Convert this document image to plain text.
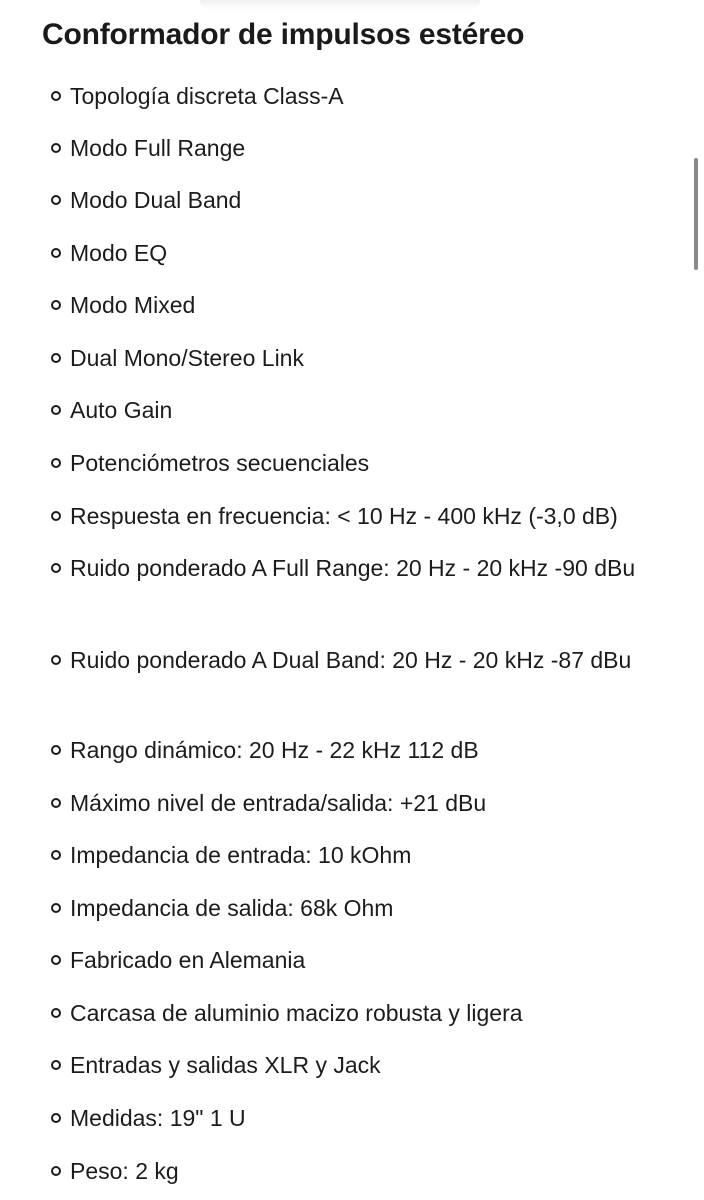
Conformador de impulsos estéreo
Topología discreta Class-A
Modo Full Range
Modo Dual Band
Modo EQ
Modo Mixed
Dual Mono/Stereo Link
Auto Gain
Potenciómetros secuenciales
Respuesta en frecuencia: < 10 Hz - 400 kHz (-3,0 dB)
Ruido ponderado A Full Range: 20 Hz - 20 kHz -90 dBu
Ruido ponderado A Dual Band: 20 Hz - 20 kHz -87 dBu
Rango dinámico: 20 Hz - 22 kHz 112 dB
Máximo nivel de entrada/salida: +21 dBu
Impedancia de entrada: 10 kOhm
Impedancia de salida: 68k Ohm
Fabricado en Alemania
Carcasa de aluminio macizo robusta y ligera
Entradas y salidas XLR y Jack
Medidas: 19" 1 U
Peso: 2 kg
